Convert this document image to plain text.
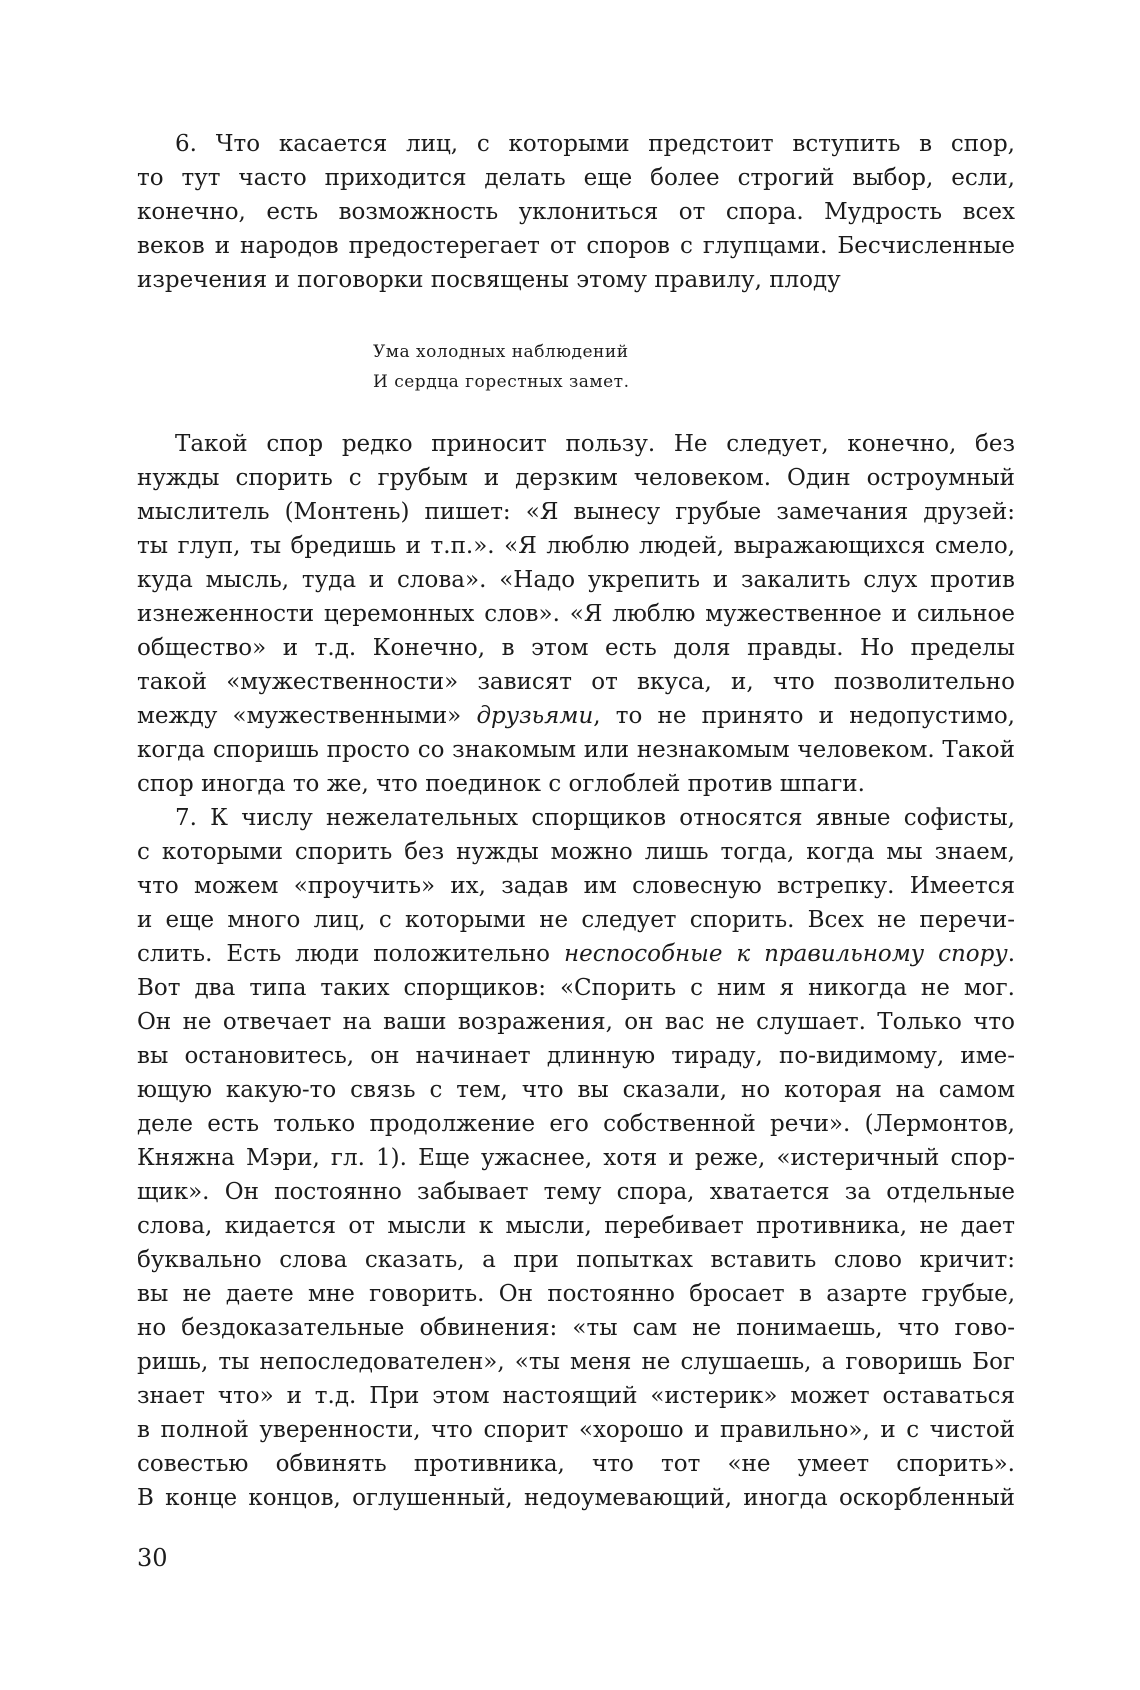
6. Что касается лиц, с которыми предстоит вступить в спор,
то тут часто приходится делать еще более строгий выбор, если,
конечно, есть возможность уклониться от спора. Мудрость всех
веков и народов предостерегает от споров с глупцами. Бесчисленные
изречения и поговорки посвящены этому правилу, плоду
Ума холодных наблюдений
И сердца горестных замет.
Такой спор редко приносит пользу. Не следует, конечно, без
нужды спорить с грубым и дерзким человеком. Один остроумный
мыслитель (Монтень) пишет: «Я вынесу грубые замечания друзей:
ты глуп, ты бредишь и т.п.». «Я люблю людей, выражающихся смело,
куда мысль, туда и слова». «Надо укрепить и закалить слух против
изнеженности церемонных слов». «Я люблю мужественное и сильное
общество» и т.д. Конечно, в этом есть доля правды. Но пределы
такой «мужественности» зависят от вкуса, и, что позволительно
между «мужественными» друзьями, то не принято и недопустимо,
когда споришь просто со знакомым или незнакомым человеком. Такой
спор иногда то же, что поединок с оглоблей против шпаги.
7. К числу нежелательных спорщиков относятся явные софисты,
с которыми спорить без нужды можно лишь тогда, когда мы знаем,
что можем «проучить» их, задав им словесную встрепку. Имеется
и еще много лиц, с которыми не следует спорить. Всех не перечи-
слить. Есть люди положительно неспособные к правильному спору.
Вот два типа таких спорщиков: «Спорить с ним я никогда не мог.
Он не отвечает на ваши возражения, он вас не слушает. Только что
вы остановитесь, он начинает длинную тираду, по-видимому, име-
ющую какую-то связь с тем, что вы сказали, но которая на самом
деле есть только продолжение его собственной речи». (Лермонтов,
Княжна Мэри, гл. 1). Еще ужаснее, хотя и реже, «истеричный спор-
щик». Он постоянно забывает тему спора, хватается за отдельные
слова, кидается от мысли к мысли, перебивает противника, не дает
буквально слова сказать, а при попытках вставить слово кричит:
вы не даете мне говорить. Он постоянно бросает в азарте грубые,
но бездоказательные обвинения: «ты сам не понимаешь, что гово-
ришь, ты непоследователен», «ты меня не слушаешь, а говоришь Бог
знает что» и т.д. При этом настоящий «истерик» может оставаться
в полной уверенности, что спорит «хорошо и правильно», и с чистой
совестью обвинять противника, что тот «не умеет спорить».
В конце концов, оглушенный, недоумевающий, иногда оскорбленный
30
